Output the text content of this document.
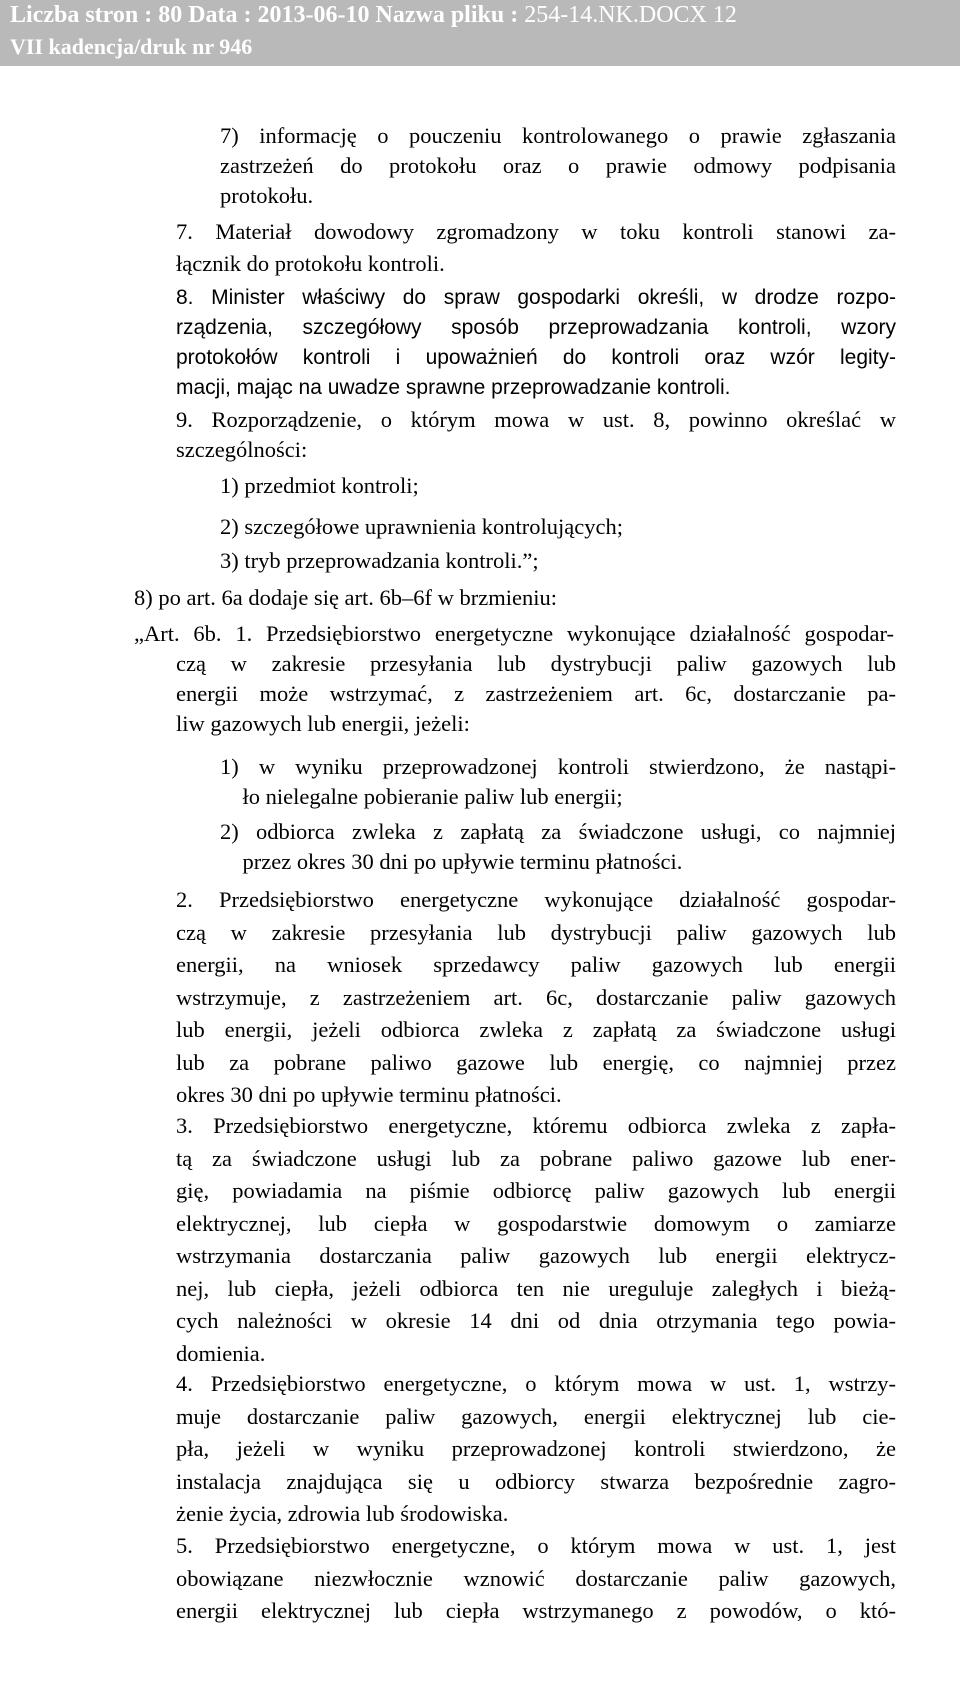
Liczba stron : 80 Data : 2013-06-10 Nazwa pliku : 254-14.NK.DOCX 12
VII kadencja/druk nr 946
7) informację o pouczeniu kontrolowanego o prawie zgłaszania
zastrzeżeń do protokołu oraz o prawie odmowy podpisania
protokołu.
7. Materiał dowodowy zgromadzony w toku kontroli stanowi za-
łącznik do protokołu kontroli.
8. Minister właściwy do spraw gospodarki określi, w drodze rozpo-
rządzenia, szczegółowy sposób przeprowadzania kontroli, wzory
protokołów kontroli i upoważnień do kontroli oraz wzór legity-
macji, mając na uwadze sprawne przeprowadzanie kontroli.
9. Rozporządzenie, o którym mowa w ust. 8, powinno określać w
szczególności:
1) przedmiot kontroli;
2) szczegółowe uprawnienia kontrolujących;
3) tryb przeprowadzania kontroli.”;
8) po art. 6a dodaje się art. 6b–6f w brzmieniu:
„Art. 6b. 1. Przedsiębiorstwo energetyczne wykonujące działalność gospodar-
czą w zakresie przesyłania lub dystrybucji paliw gazowych lub
energii może wstrzymać, z zastrzeżeniem art. 6c, dostarczanie pa-
liw gazowych lub energii, jeżeli:
1) w wyniku przeprowadzonej kontroli stwierdzono, że nastąpi-
ło nielegalne pobieranie paliw lub energii;
2) odbiorca zwleka z zapłatą za świadczone usługi, co najmniej
przez okres 30 dni po upływie terminu płatności.
2. Przedsiębiorstwo energetyczne wykonujące działalność gospodar-
czą w zakresie przesyłania lub dystrybucji paliw gazowych lub
energii, na wniosek sprzedawcy paliw gazowych lub energii
wstrzymuje, z zastrzeżeniem art. 6c, dostarczanie paliw gazowych
lub energii, jeżeli odbiorca zwleka z zapłatą za świadczone usługi
lub za pobrane paliwo gazowe lub energię, co najmniej przez
okres 30 dni po upływie terminu płatności.
3. Przedsiębiorstwo energetyczne, któremu odbiorca zwleka z zapła-
tą za świadczone usługi lub za pobrane paliwo gazowe lub ener-
gię, powiadamia na piśmie odbiorcę paliw gazowych lub energii
elektrycznej, lub ciepła w gospodarstwie domowym o zamiarze
wstrzymania dostarczania paliw gazowych lub energii elektrycz-
nej, lub ciepła, jeżeli odbiorca ten nie ureguluje zaległych i bieżą-
cych należności w okresie 14 dni od dnia otrzymania tego powia-
domienia.
4. Przedsiębiorstwo energetyczne, o którym mowa w ust. 1, wstrzy-
muje dostarczanie paliw gazowych, energii elektrycznej lub cie-
pła, jeżeli w wyniku przeprowadzonej kontroli stwierdzono, że
instalacja znajdująca się u odbiorcy stwarza bezpośrednie zagro-
żenie życia, zdrowia lub środowiska.
5. Przedsiębiorstwo energetyczne, o którym mowa w ust. 1, jest
obowiązane niezwłocznie wznowić dostarczanie paliw gazowych,
energii elektrycznej lub ciepła wstrzymanego z powodów, o któ-
